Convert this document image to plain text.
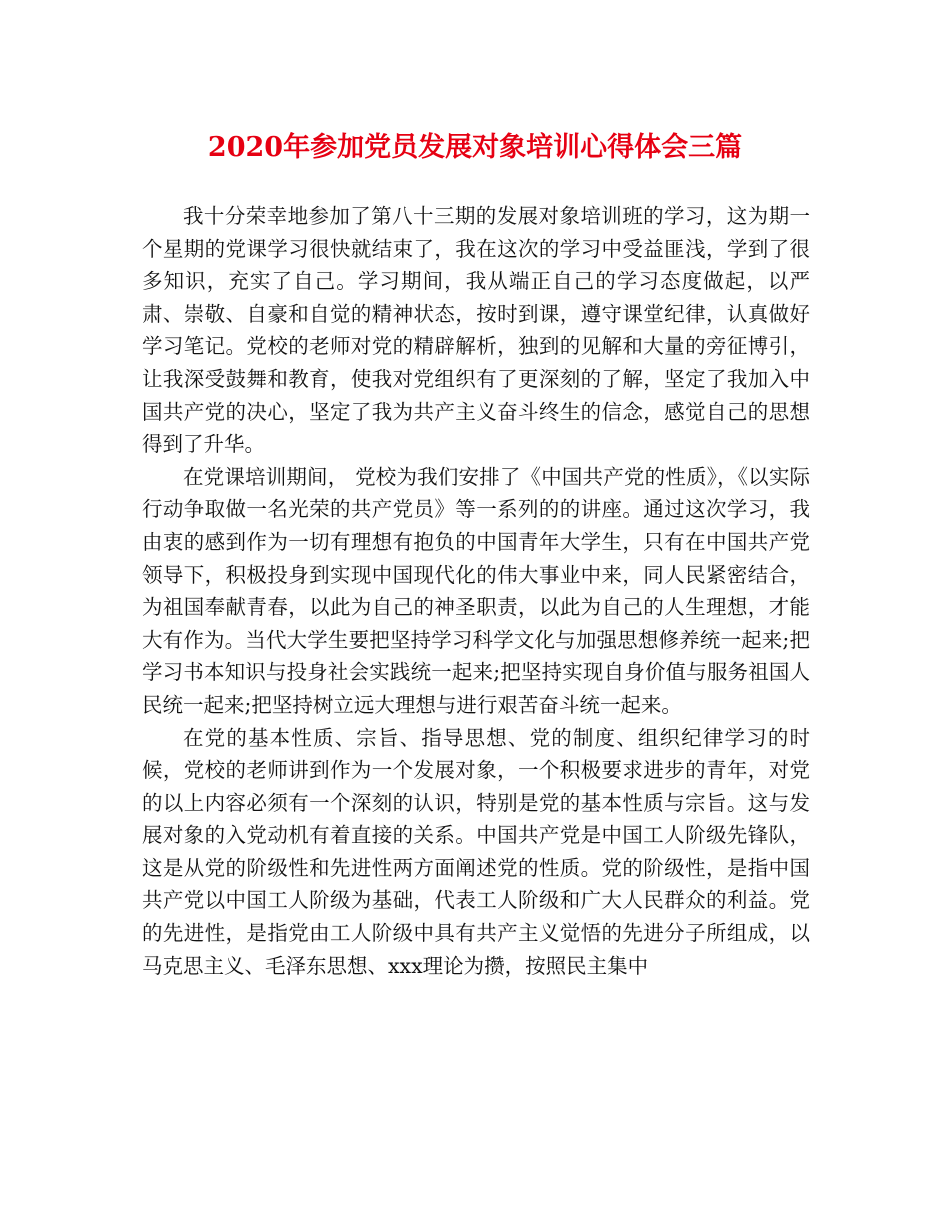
2020年参加党员发展对象培训心得体会三篇

我十分荣幸地参加了第八十三期的发展对象培训班的学习，这为期一个星期的党课学习很快就结束了，我在这次的学习中受益匪浅，学到了很多知识，充实了自己。学习期间，我从端正自己的学习态度做起，以严肃、崇敬、自豪和自觉的精神状态，按时到课，遵守课堂纪律，认真做好学习笔记。党校的老师对党的精辟解析，独到的见解和大量的旁征博引，让我深受鼓舞和教育，使我对党组织有了更深刻的了解，坚定了我加入中国共产党的决心，坚定了我为共产主义奋斗终生的信念，感觉自己的思想得到了升华。

在党课培训期间， 党校为我们安排了《中国共产党的性质》，《以实际行动争取做一名光荣的共产党员》等一系列的的讲座。通过这次学习，我由衷的感到作为一切有理想有抱负的中国青年大学生，只有在中国共产党领导下，积极投身到实现中国现代化的伟大事业中来，同人民紧密结合，为祖国奉献青春，以此为自己的神圣职责，以此为自己的人生理想，才能大有作为。当代大学生要把坚持学习科学文化与加强思想修养统一起来;把学习书本知识与投身社会实践统一起来;把坚持实现自身价值与服务祖国人民统一起来;把坚持树立远大理想与进行艰苦奋斗统一起来。

在党的基本性质、宗旨、指导思想、党的制度、组织纪律学习的时候，党校的老师讲到作为一个发展对象，一个积极要求进步的青年，对党的以上内容必须有一个深刻的认识，特别是党的基本性质与宗旨。这与发展对象的入党动机有着直接的关系。中国共产党是中国工人阶级先锋队，这是从党的阶级性和先进性两方面阐述党的性质。党的阶级性，是指中国共产党以中国工人阶级为基础，代表工人阶级和广大人民群众的利益。党的先进性，是指党由工人阶级中具有共产主义觉悟的先进分子所组成，以马克思主义、毛泽东思想、xxx理论为攒，按照民主集中
